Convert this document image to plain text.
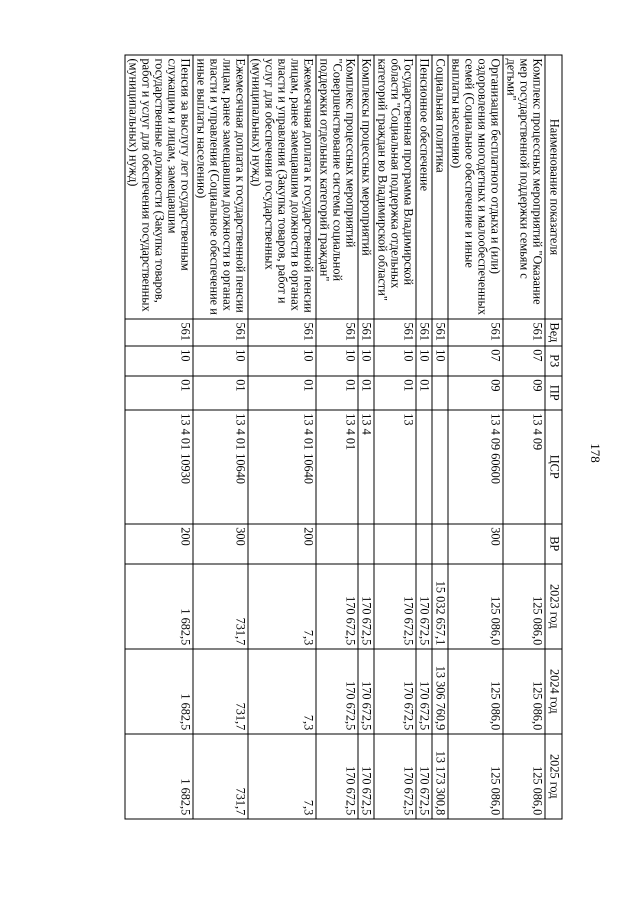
178
Наименование показателя	Вед	РЗ	ПР	ЦСР	ВР	2023 год	2024 год	2025 год
Комплекс процессных мероприятий "Оказание мер государственной поддержки семьям с детьми"	561	07	09	13 4 09		125 086,0	125 086,0	125 086,0
Организация бесплатного отдыха и (или) оздоровления многодетных и малообеспеченных семей (Социальное обеспечение и иные выплаты населению)	561	07	09	13 4 09 60600	300	125 086,0	125 086,0	125 086,0
Социальная политика	561	10				15 032 657,1	13 306 760,9	13 173 300,8
Пенсионное обеспечение	561	10	01			170 672,5	170 672,5	170 672,5
Государственная программа Владимирской области "Социальная поддержка отдельных категорий граждан во Владимирской области"	561	10	01	13		170 672,5	170 672,5	170 672,5
Комплексы процессных мероприятий	561	10	01	13 4		170 672,5	170 672,5	170 672,5
Комплекс процессных мероприятий "Совершенствование системы социальной поддержки отдельных категорий граждан"	561	10	01	13 4 01		170 672,5	170 672,5	170 672,5
Ежемесячная доплата к государственной пенсии лицам, ранее замещавшим должности в органах власти и управления (Закупка товаров, работ и услуг для обеспечения государственных (муниципальных) нужд)	561	10	01	13 4 01 10640	200	7,3	7,3	7,3
Ежемесячная доплата к государственной пенсии лицам, ранее замещавшим должности в органах власти и управления (Социальное обеспечение и иные выплаты населению)	561	10	01	13 4 01 10640	300	731,7	731,7	731,7
Пенсия за выслугу лет государственным служащим и лицам, замещавшим государственные должности (Закупка товаров, работ и услуг для обеспечения государственных (муниципальных) нужд)	561	10	01	13 4 01 10930	200	1 682,5	1 682,5	1 682,5
